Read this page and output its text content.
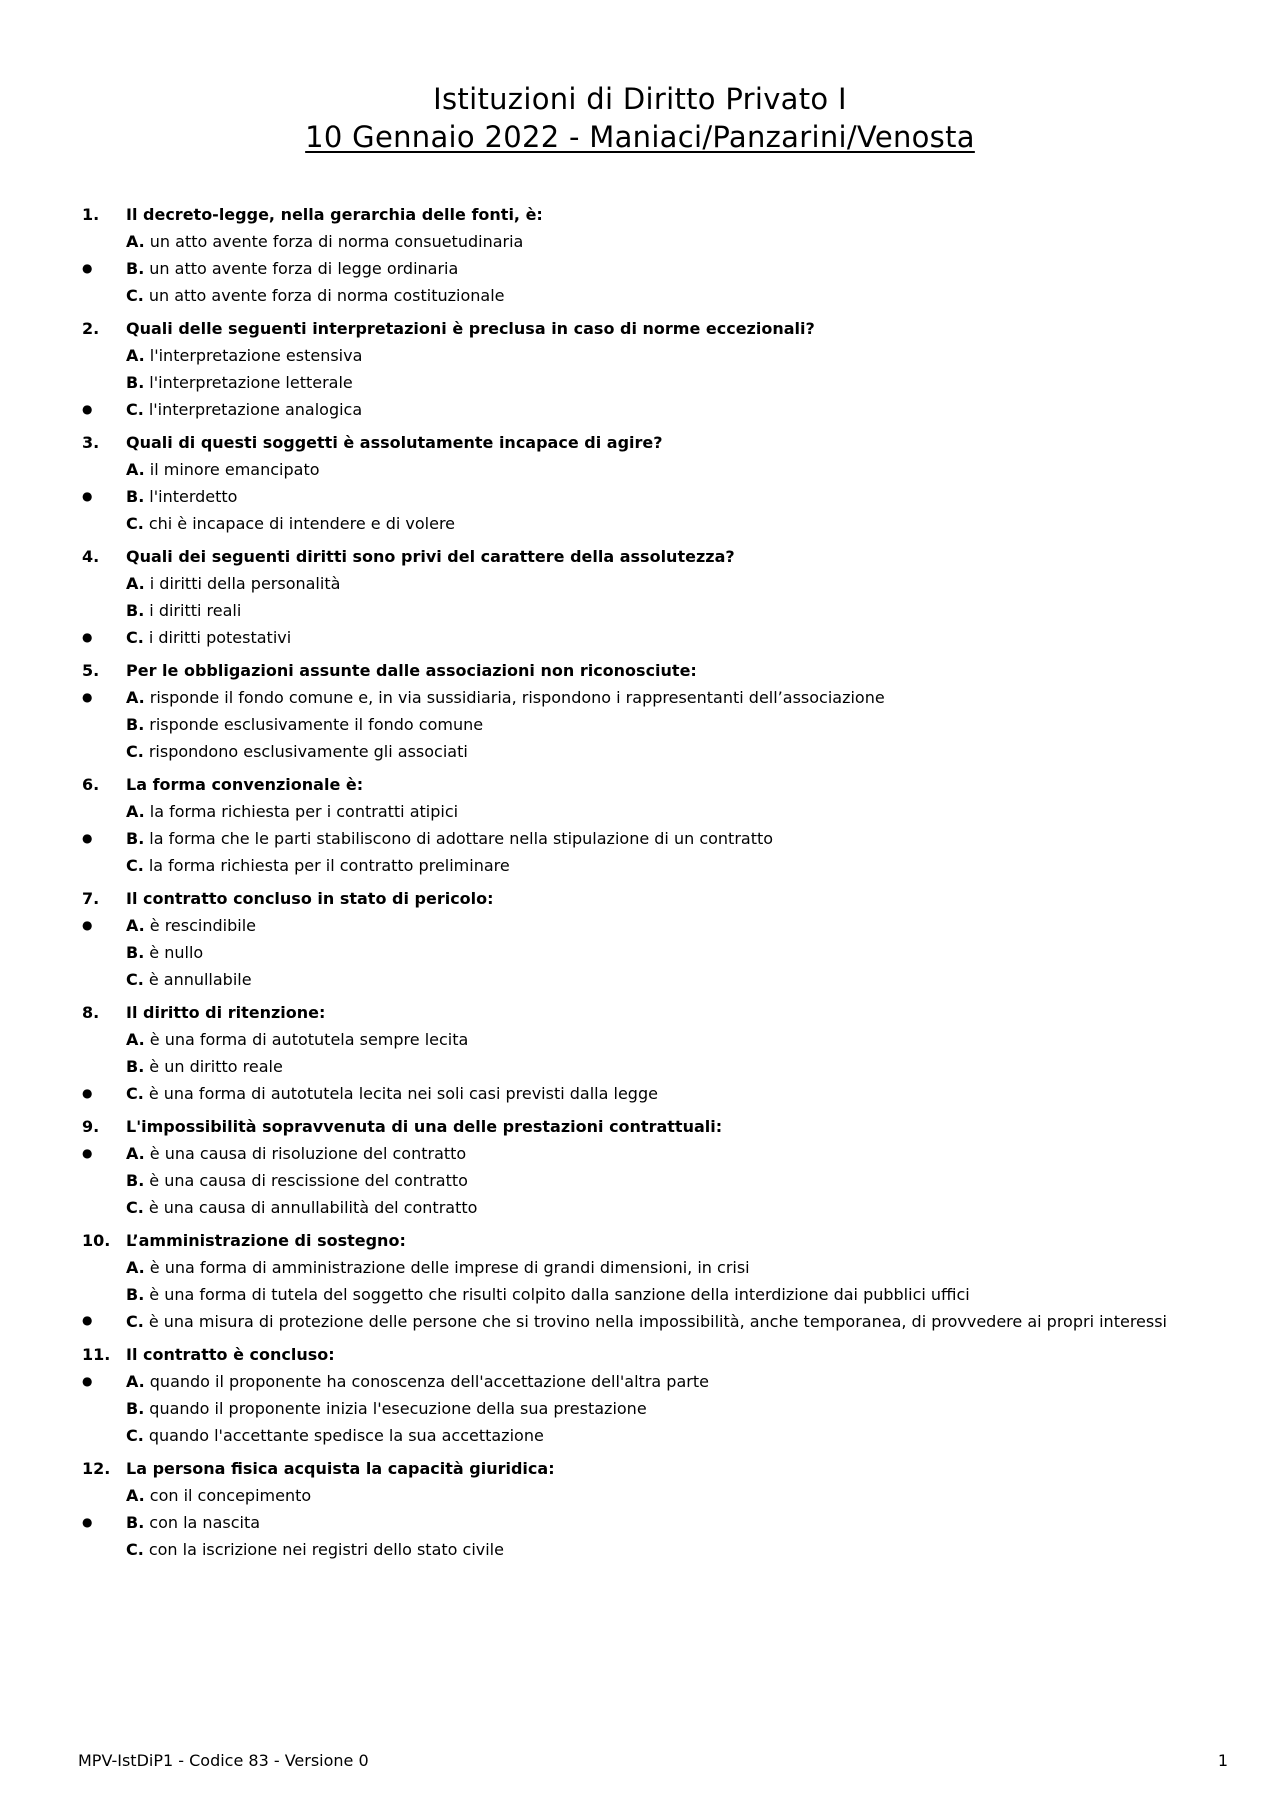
Istituzioni di Diritto Privato I
10 Gennaio 2022 - Maniaci/Panzarini/Venosta
1.	Il decreto-legge, nella gerarchia delle fonti, è:
A. un atto avente forza di norma consuetudinaria
● B. un atto avente forza di legge ordinaria
C. un atto avente forza di norma costituzionale
2.	Quali delle seguenti interpretazioni è preclusa in caso di norme eccezionali?
A. l'interpretazione estensiva
B. l'interpretazione letterale
● C. l'interpretazione analogica
3.	Quali di questi soggetti è assolutamente incapace di agire?
A. il minore emancipato
● B. l'interdetto
C. chi è incapace di intendere e di volere
4.	Quali dei seguenti diritti sono privi del carattere della assolutezza?
A. i diritti della personalità
B. i diritti reali
● C. i diritti potestativi
5.	Per le obbligazioni assunte dalle associazioni non riconosciute:
● A. risponde il fondo comune e, in via sussidiaria, rispondono i rappresentanti dell’associazione
B. risponde esclusivamente il fondo comune
C. rispondono esclusivamente gli associati
6.	La forma convenzionale è:
A. la forma richiesta per i contratti atipici
● B. la forma che le parti stabiliscono di adottare nella stipulazione di un contratto
C. la forma richiesta per il contratto preliminare
7.	Il contratto concluso in stato di pericolo:
● A. è rescindibile
B. è nullo
C. è annullabile
8.	Il diritto di ritenzione:
A. è una forma di autotutela sempre lecita
B. è un diritto reale
● C. è una forma di autotutela lecita nei soli casi previsti dalla legge
9.	L'impossibilità sopravvenuta di una delle prestazioni contrattuali:
● A. è una causa di risoluzione del contratto
B. è una causa di rescissione del contratto
C. è una causa di annullabilità del contratto
10. L’amministrazione di sostegno:
A. è una forma di amministrazione delle imprese di grandi dimensioni, in crisi
B. è una forma di tutela del soggetto che risulti colpito dalla sanzione della interdizione dai pubblici uffici
● C. è una misura di protezione delle persone che si trovino nella impossibilità, anche temporanea, di provvedere ai propri interessi
11. Il contratto è concluso:
● A. quando il proponente ha conoscenza dell'accettazione dell'altra parte
B. quando il proponente inizia l'esecuzione della sua prestazione
C. quando l'accettante spedisce la sua accettazione
12. La persona fisica acquista la capacità giuridica:
A. con il concepimento
● B. con la nascita
C. con la iscrizione nei registri dello stato civile
MPV-IstDiP1 - Codice 83 - Versione 0	1
